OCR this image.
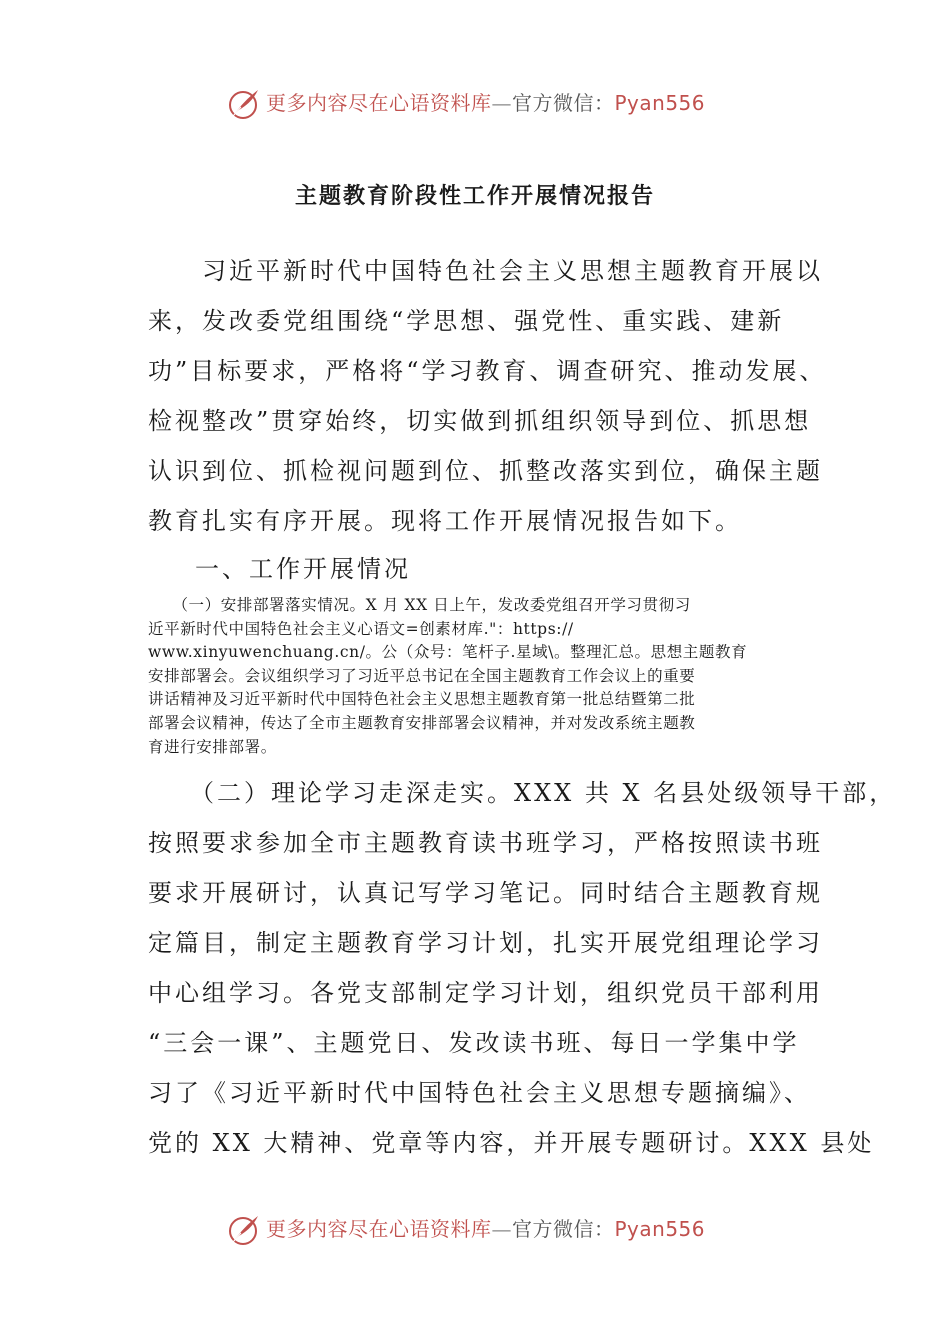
更多内容尽在心语资料库—官方微信：Pyan556
主题教育阶段性工作开展情况报告
　　习近平新时代中国特色社会主义思想主题教育开展以
来，发改委党组围绕“学思想、强党性、重实践、建新
功”目标要求，严格将“学习教育、调查研究、推动发展、
检视整改”贯穿始终，切实做到抓组织领导到位、抓思想
认识到位、抓检视问题到位、抓整改落实到位，确保主题
教育扎实有序开展。现将工作开展情况报告如下。
一、工作开展情况
　　（一）安排部署落实情况。X 月 XX 日上午，发改委党组召开学习贯彻习
近平新时代中国特色社会主义心语文=创素材库."：https://
www.xinyuwenchuang.cn/。公（众号：笔杆子.星域\。整理汇总。思想主题教育
安排部署会。会议组织学习了习近平总书记在全国主题教育工作会议上的重要
讲话精神及习近平新时代中国特色社会主义思想主题教育第一批总结暨第二批
部署会议精神，传达了全市主题教育安排部署会议精神，并对发改系统主题教
育进行安排部署。
　　（二）理论学习走深走实。XXX 共 X 名县处级领导干部，
按照要求参加全市主题教育读书班学习，严格按照读书班
要求开展研讨，认真记写学习笔记。同时结合主题教育规
定篇目，制定主题教育学习计划，扎实开展党组理论学习
中心组学习。各党支部制定学习计划，组织党员干部利用
“三会一课”、主题党日、发改读书班、每日一学集中学
习了《习近平新时代中国特色社会主义思想专题摘编》、
党的 XX 大精神、党章等内容，并开展专题研讨。XXX 县处
更多内容尽在心语资料库—官方微信：Pyan556
